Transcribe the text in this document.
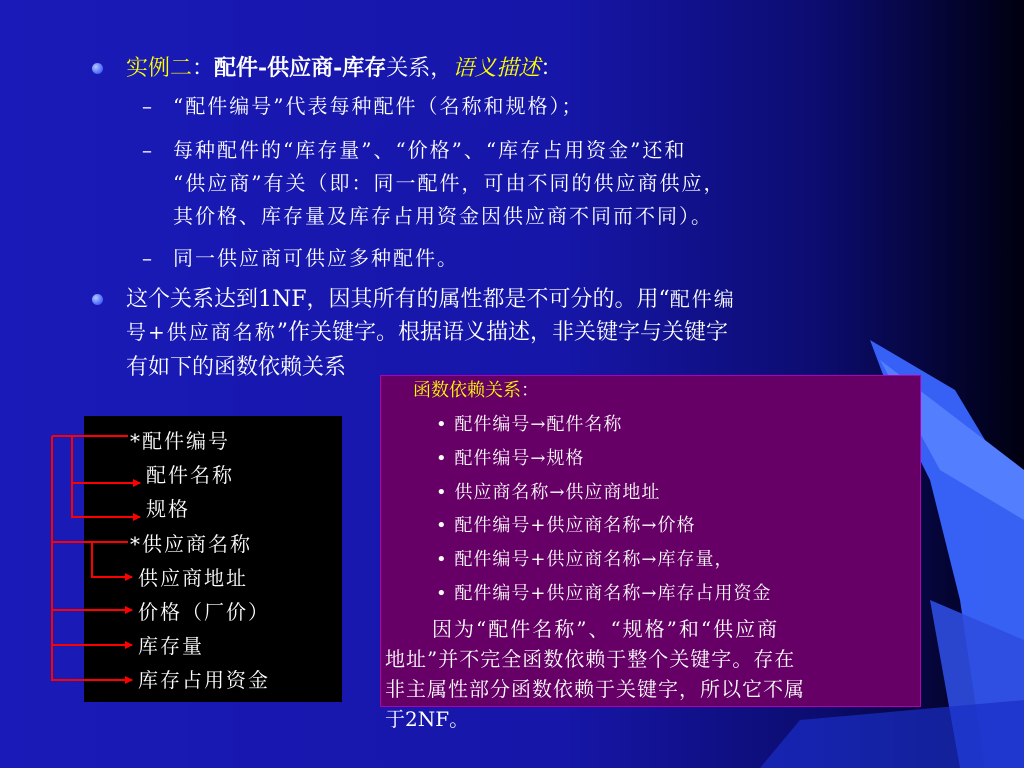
实例二：配件-供应商-库存关系，语义描述：
– “配件编号”代表每种配件（名称和规格）；
– 每种配件的“库存量”、“价格”、“库存占用资金”还和
“供应商”有关（即：同一配件，可由不同的供应商供应，
其价格、库存量及库存占用资金因供应商不同而不同）。
– 同一供应商可供应多种配件。
这个关系达到1NF，因其所有的属性都是不可分的。用“配件编
号+供应商名称”作关键字。根据语义描述，非关键字与关键字
有如下的函数依赖关系
*配件编号
配件名称
规格
*供应商名称
供应商地址
价格（厂价）
库存量
库存占用资金
函数依赖关系：
• 配件编号→配件名称
• 配件编号→规格
• 供应商名称→供应商地址
• 配件编号+供应商名称→价格
• 配件编号+供应商名称→库存量，
• 配件编号+供应商名称→库存占用资金
因为“配件名称”、“规格”和“供应商
地址”并不完全函数依赖于整个关键字。存在
非主属性部分函数依赖于关键字，所以它不属
于2NF。
